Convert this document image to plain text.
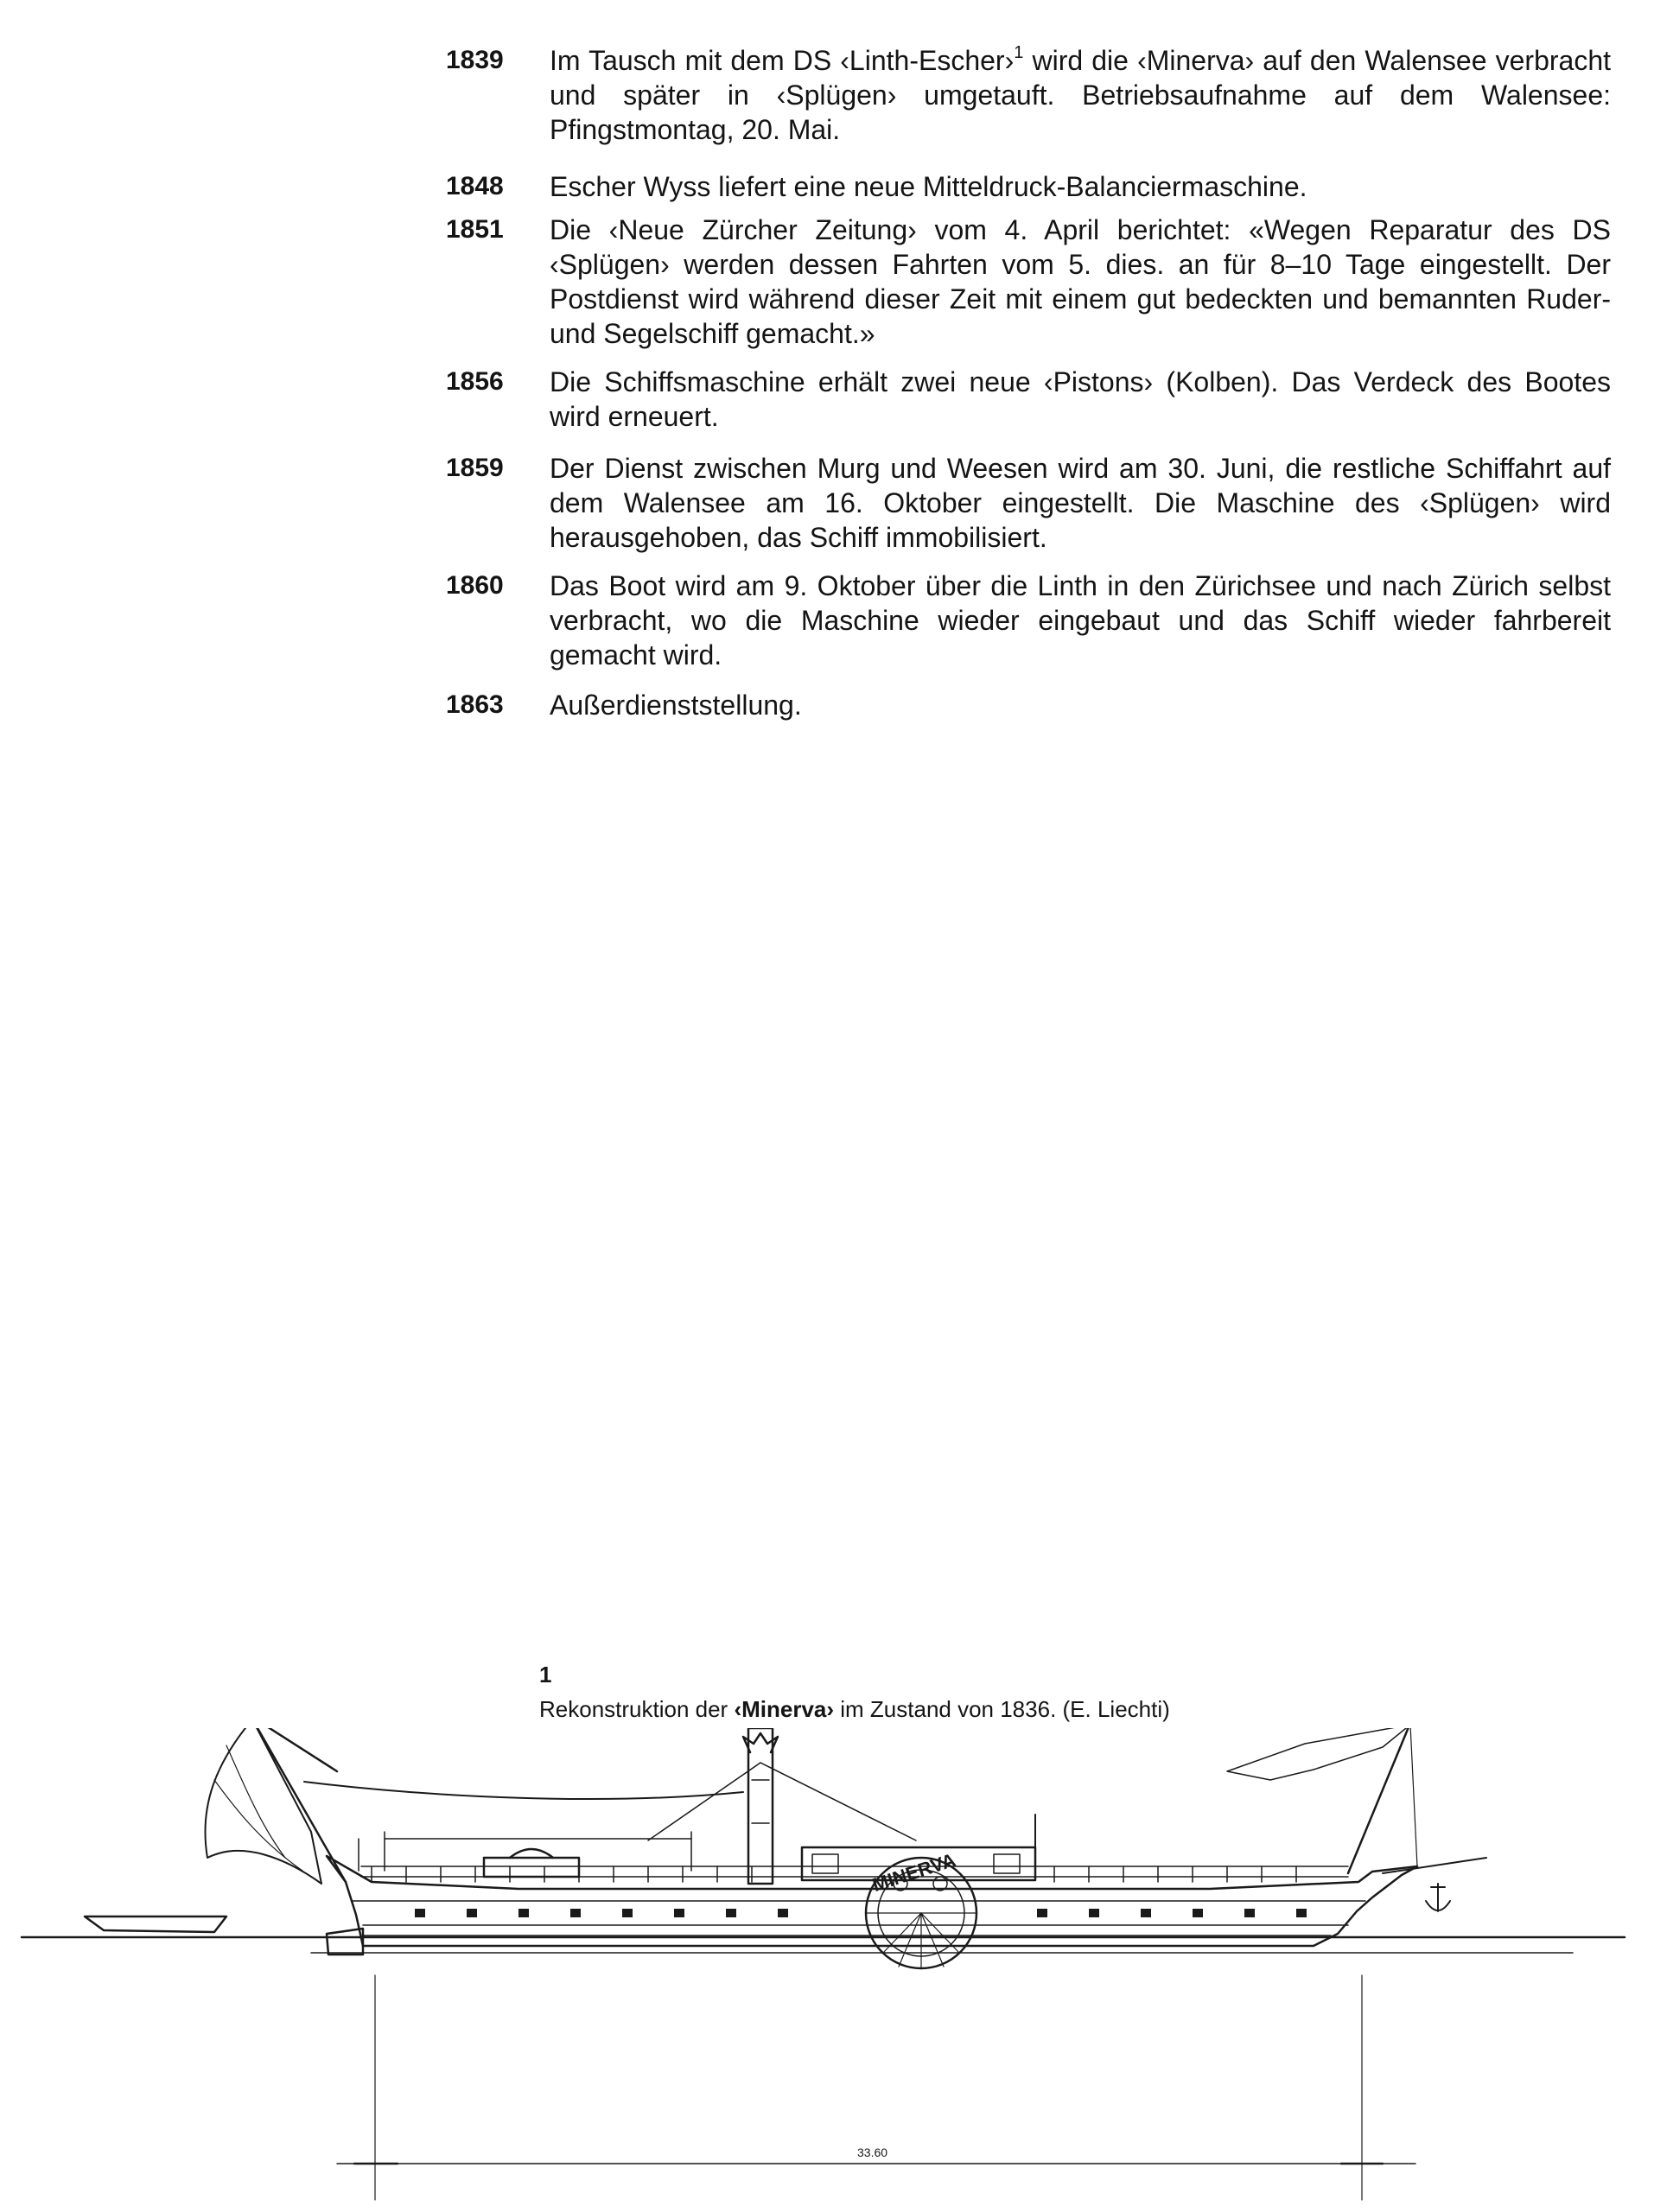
1839 Im Tausch mit dem DS ‹Linth-Escher›$^1$ wird die ‹Minerva› auf den Walensee verbracht und später in ‹Splügen› umgetauft. Betriebsaufnahme auf dem Walensee: Pfingstmontag, 20. Mai.
1848 Escher Wyss liefert eine neue Mitteldruck-Balanciermaschine.
1851 Die ‹Neue Zürcher Zeitung› vom 4. April berichtet: «Wegen Reparatur des DS ‹Splügen› werden dessen Fahrten vom 5. dies. an für 8–10 Tage eingestellt. Der Postdienst wird während dieser Zeit mit einem gut bedeckten und bemannten Ruder- und Segelschiff gemacht.»
1856 Die Schiffsmaschine erhält zwei neue ‹Pistons› (Kolben). Das Verdeck des Bootes wird erneuert.
1859 Der Dienst zwischen Murg und Weesen wird am 30. Juni, die restliche Schiffahrt auf dem Walensee am 16. Oktober eingestellt. Die Maschine des ‹Splügen› wird herausgehoben, das Schiff immobilisiert.
1860 Das Boot wird am 9. Oktober über die Linth in den Zürichsee und nach Zürich selbst verbracht, wo die Maschine wieder eingebaut und das Schiff wieder fahrbereit gemacht wird.
1863 Außerdienststellung.
1
Rekonstruktion der ‹Minerva› im Zustand von 1836. (E. Liechti)
MINERVA
33.60
